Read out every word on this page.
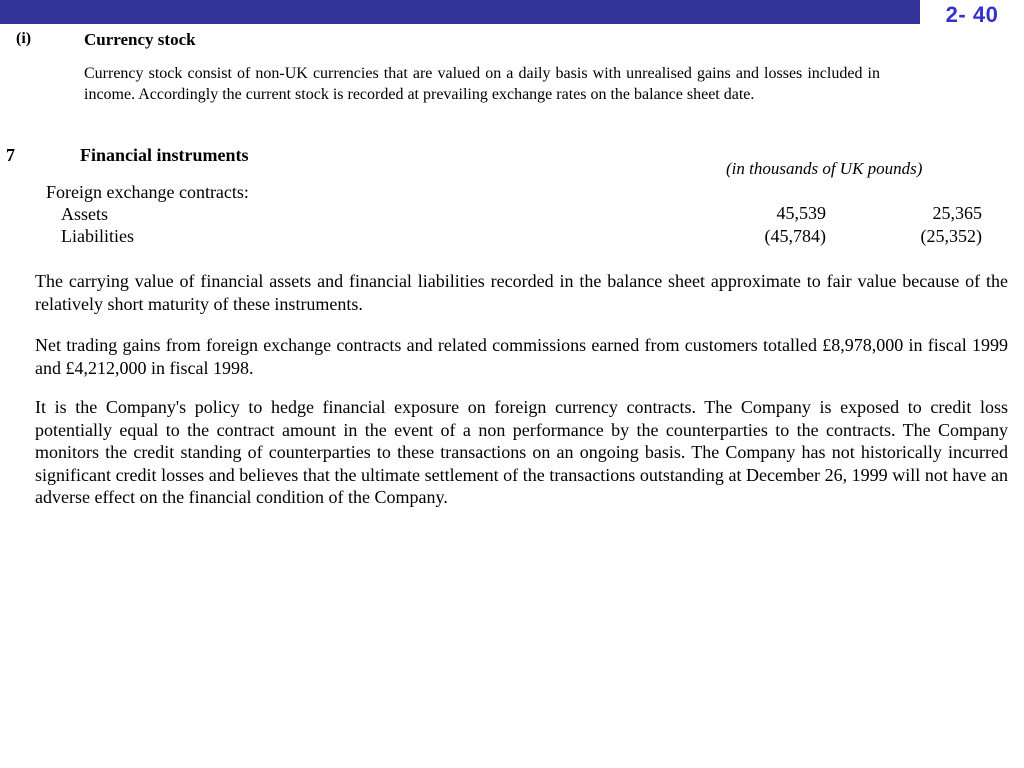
2- 40
(i)	Currency stock
Currency stock consist of non-UK currencies that are valued on a daily basis with unrealised gains and losses included in income. Accordingly the current stock is recorded at prevailing exchange rates on the balance sheet date.
7	Financial instruments
(in thousands of UK pounds)
Foreign exchange contracts:
Assets	45,539	25,365
Liabilities	(45,784)	(25,352)
The carrying value of financial assets and financial liabilities recorded in the balance sheet approximate to fair value because of the relatively short maturity of these instruments.
Net trading gains from foreign exchange contracts and related commissions earned from customers totalled £8,978,000 in fiscal 1999 and £4,212,000 in fiscal 1998.
It is the Company's policy to hedge financial exposure on foreign currency contracts. The Company is exposed to credit loss potentially equal to the contract amount in the event of a non performance by the counterparties to the contracts. The Company monitors the credit standing of counterparties to these transactions on an ongoing basis. The Company has not historically incurred significant credit losses and believes that the ultimate settlement of the transactions outstanding at December 26, 1999 will not have an adverse effect on the financial condition of the Company.
